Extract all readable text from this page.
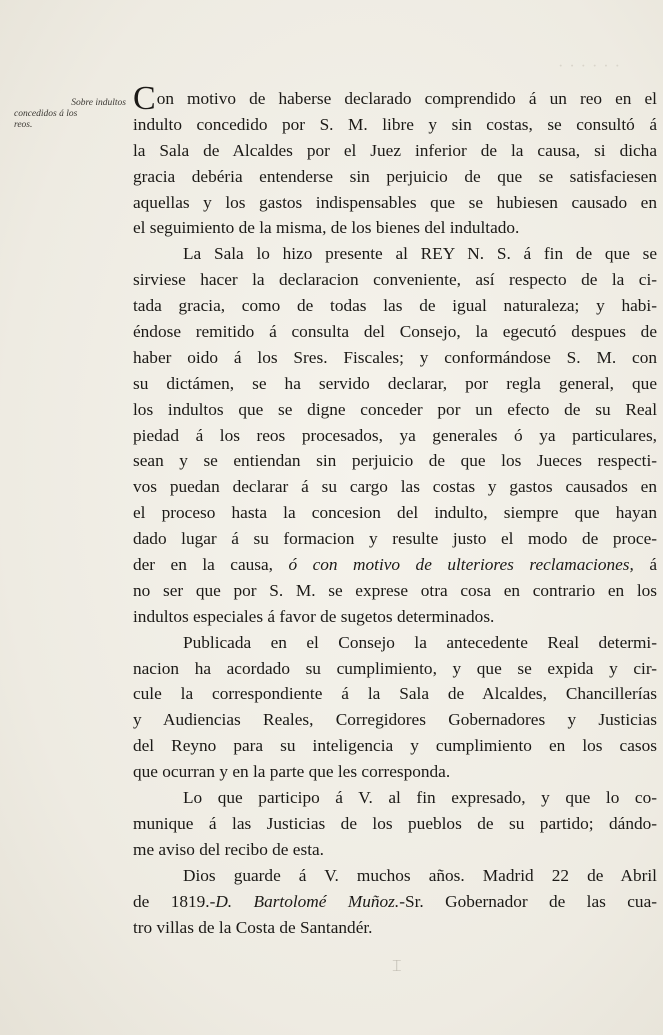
· · · · · ·
Sobre indultos
concedidos á los
reos.
Con motivo de haberse declarado comprendido á un reo en el
indulto concedido por S. M. libre y sin costas, se consultó á
la Sala de Alcaldes por el Juez inferior de la causa, si dicha
gracia debéria entenderse sin perjuicio de que se satisfaciesen
aquellas y los gastos indispensables que se hubiesen causado en
el seguimiento de la misma, de los bienes del indultado.
La Sala lo hizo presente al REY N. S. á fin de que se
sirviese hacer la declaracion conveniente, así respecto de la ci-
tada gracia, como de todas las de igual naturaleza; y habi-
éndose remitido á consulta del Consejo, la egecutó despues de
haber oido á los Sres. Fiscales; y conformándose S. M. con
su dictámen, se ha servido declarar, por regla general, que
los indultos que se digne conceder por un efecto de su Real
piedad á los reos procesados, ya generales ó ya particulares,
sean y se entiendan sin perjuicio de que los Jueces respecti-
vos puedan declarar á su cargo las costas y gastos causados en
el proceso hasta la concesion del indulto, siempre que hayan
dado lugar á su formacion y resulte justo el modo de proce-
der en la causa, ó con motivo de ulteriores reclamaciones, á
no ser que por S. M. se exprese otra cosa en contrario en los
indultos especiales á favor de sugetos determinados.
Publicada en el Consejo la antecedente Real determi-
nacion ha acordado su cumplimiento, y que se expida y cir-
cule la correspondiente á la Sala de Alcaldes, Chancillerías
y Audiencias Reales, Corregidores Gobernadores y Justicias
del Reyno para su inteligencia y cumplimiento en los casos
que ocurran y en la parte que les corresponda.
Lo que participo á V. al fin expresado, y que lo co-
munique á las Justicias de los pueblos de su partido; dándo-
me aviso del recibo de esta.
Dios guarde á V. muchos años. Madrid 22 de Abril
de 1819.-D. Bartolomé Muñoz.-Sr. Gobernador de las cua-
tro villas de la Costa de Santandér.
⌶
